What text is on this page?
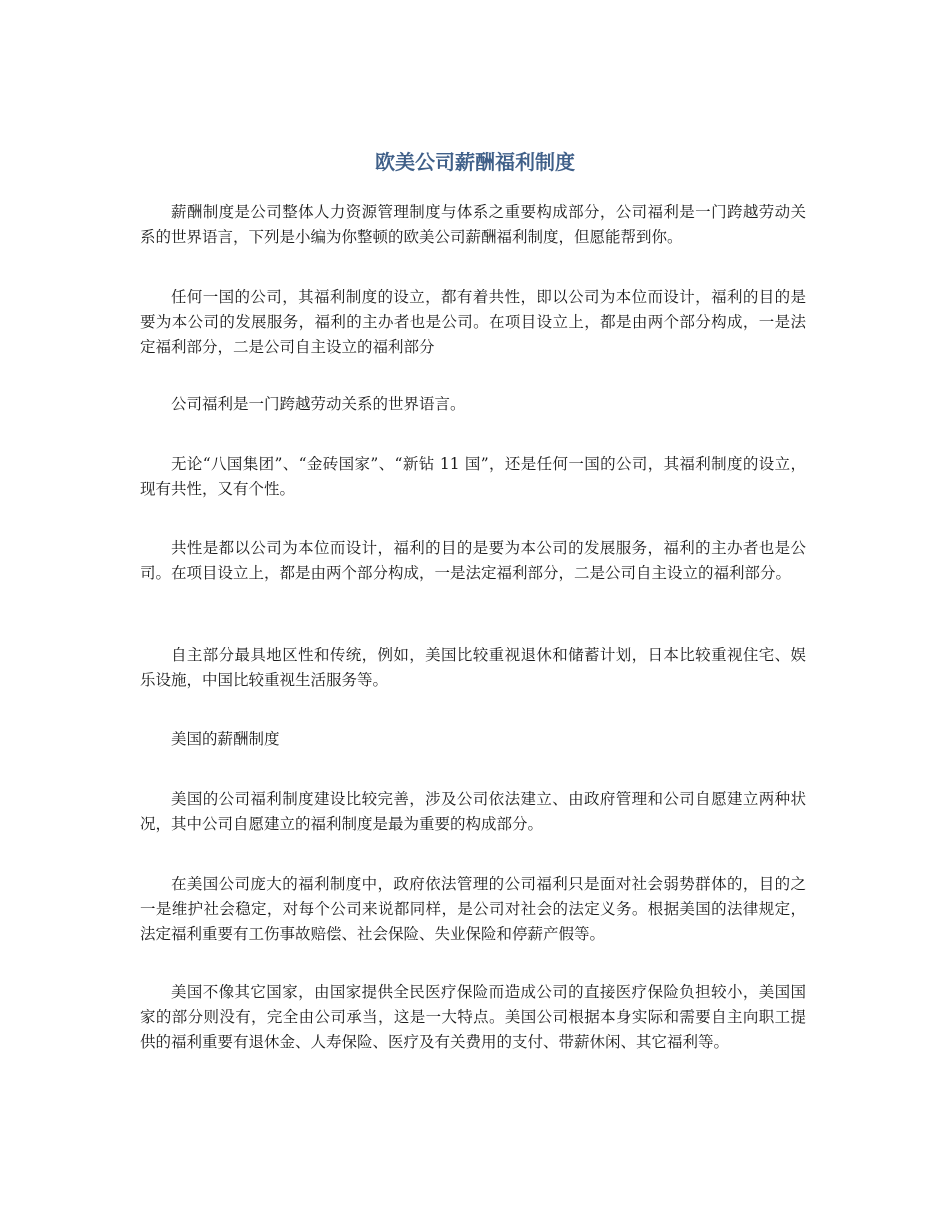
欧美公司薪酬福利制度

薪酬制度是公司整体人力资源管理制度与体系之重要构成部分，公司福利是一门跨越劳动关系的世界语言，下列是小编为你整顿的欧美公司薪酬福利制度，但愿能帮到你。

任何一国的公司，其福利制度的设立，都有着共性，即以公司为本位而设计，福利的目的是要为本公司的发展服务，福利的主办者也是公司。在项目设立上，都是由两个部分构成，一是法定福利部分，二是公司自主设立的福利部分

公司福利是一门跨越劳动关系的世界语言。

无论“八国集团”、“金砖国家”、“新钻 11 国”，还是任何一国的公司，其福利制度的设立，现有共性，又有个性。

共性是都以公司为本位而设计，福利的目的是要为本公司的发展服务，福利的主办者也是公司。在项目设立上，都是由两个部分构成，一是法定福利部分，二是公司自主设立的福利部分。

自主部分最具地区性和传统，例如，美国比较重视退休和储蓄计划，日本比较重视住宅、娱乐设施，中国比较重视生活服务等。

美国的薪酬制度

美国的公司福利制度建设比较完善，涉及公司依法建立、由政府管理和公司自愿建立两种状况，其中公司自愿建立的福利制度是最为重要的构成部分。

在美国公司庞大的福利制度中，政府依法管理的公司福利只是面对社会弱势群体的，目的之一是维护社会稳定，对每个公司来说都同样，是公司对社会的法定义务。根据美国的法律规定，法定福利重要有工伤事故赔偿、社会保险、失业保险和停薪产假等。

美国不像其它国家，由国家提供全民医疗保险而造成公司的直接医疗保险负担较小，美国国家的部分则没有，完全由公司承当，这是一大特点。美国公司根据本身实际和需要自主向职工提供的福利重要有退休金、人寿保险、医疗及有关费用的支付、带薪休闲、其它福利等。
